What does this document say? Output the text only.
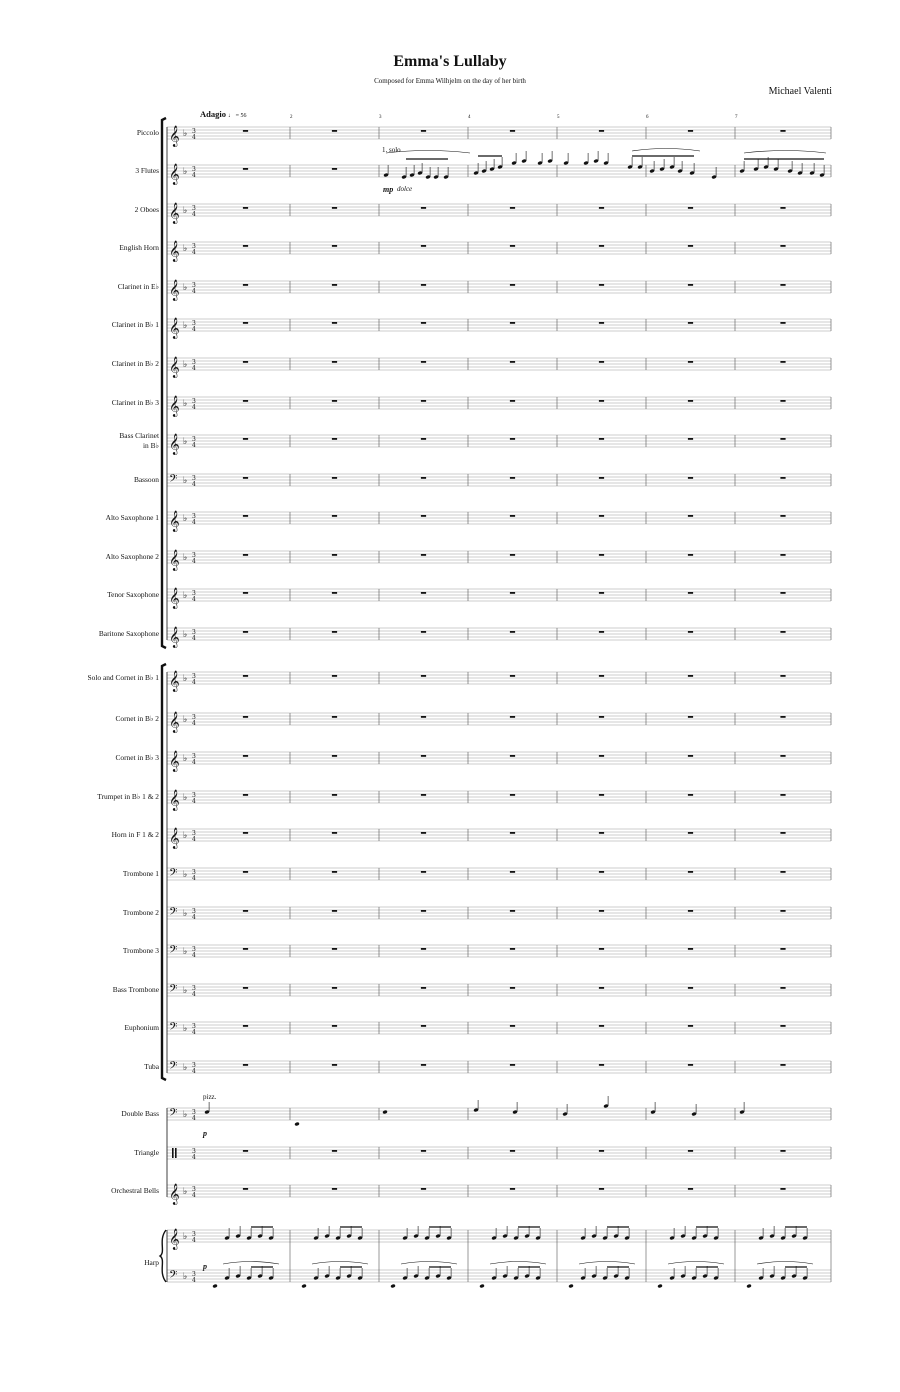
Emma's Lullaby
Composed for Emma Wilhjelm on the day of her birth
Michael Valenti
Adagio ♩ = 56	2	3	4	5	6	7
Piccolo
3 Flutes
2 Oboes
English Horn
Clarinet in E♭
Clarinet in B♭ 1
Clarinet in B♭ 2
Clarinet in B♭ 3
Bass Clarinet
in B♭
Bassoon
Alto Saxophone 1
Alto Saxophone 2
Tenor Saxophone
Baritone Saxophone
Solo and Cornet in B♭ 1
Cornet in B♭ 2
Cornet in B♭ 3
Trumpet in B♭ 1 & 2
Horn in F 1 & 2
Trombone 1
Trombone 2
Trombone 3
Bass Trombone
Euphonium
Tuba
Double Bass
Triangle
Orchestral Bells
Harp
1. solo
mp dolce
pizz.
p
p
𝄞 ♭ 3
4
𝄞 ♭ 3
4
𝄞 ♭ 3
4
𝄞 ♭ 3
4
𝄞 ♭ 3
4
𝄞 ♭ 3
4
𝄞 ♭ 3
4
𝄞 ♭ 3
4
𝄞 ♭ 3
4
𝄢 ♭ 3
4
𝄞 ♭ 3
4
𝄞 ♭ 3
4
𝄞 ♭ 3
4
𝄞 ♭ 3
4
𝄞 ♭ 3
4
𝄞 ♭ 3
4
𝄞 ♭ 3
4
𝄞 ♭ 3
4
𝄞 ♭ 3
4
𝄢 ♭ 3
4
𝄢 ♭ 3
4
𝄢 ♭ 3
4
𝄢 ♭ 3
4
𝄢 ♭ 3
4
𝄢 ♭ 3
4
𝄢 ♭ 3
4
3
4
𝄞 ♭ 3
4
𝄞
𝄢
♭ 3
4
♭ 3
4
